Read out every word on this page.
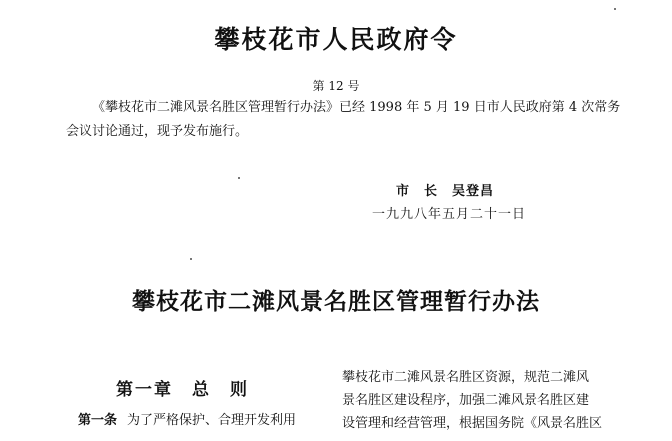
攀枝花市人民政府令
第 12 号
《攀枝花市二滩风景名胜区管理暂行办法》已经 1998 年 5 月 19 日市人民政府第 4 次常务会议讨论通过，现予发布施行。
市　长　吴登昌
一九九八年五月二十一日
攀枝花市二滩风景名胜区管理暂行办法
第一章　总　则
第一条 为了严格保护、合理开发利用
攀枝花市二滩风景名胜区资源，规范二滩风
景名胜区建设程序，加强二滩风景名胜区建
设管理和经营管理，根据国务院《风景名胜区
